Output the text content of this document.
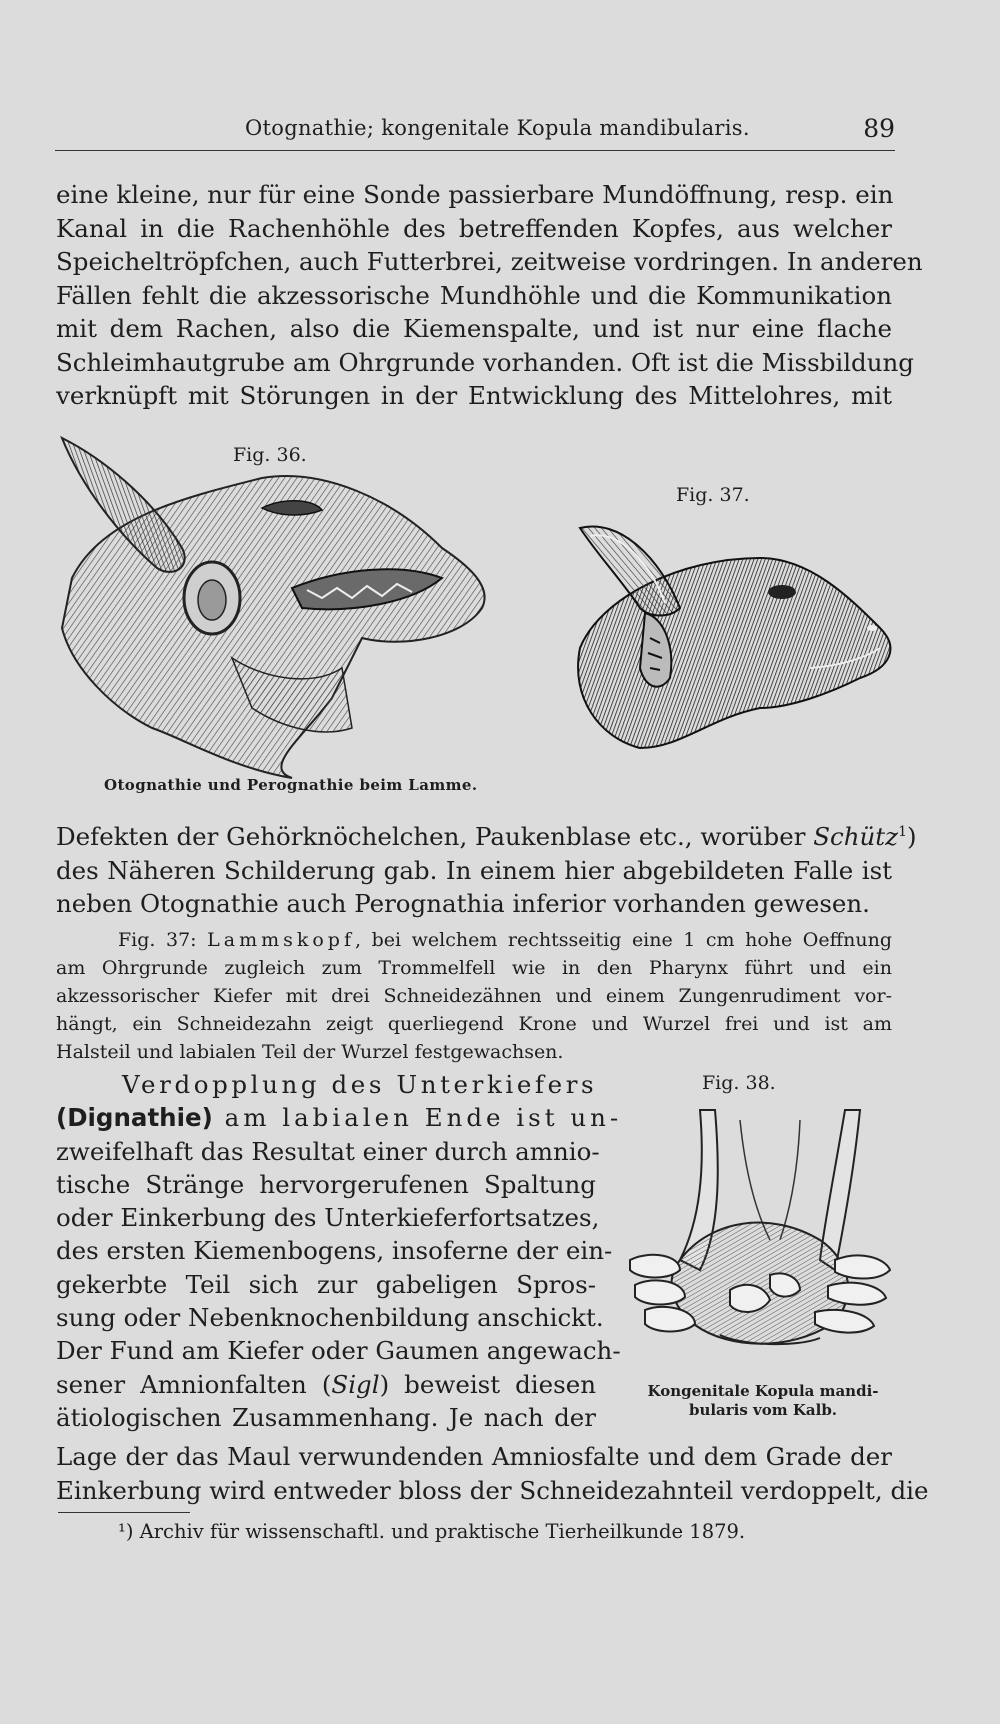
Otognathie; kongenitale Kopula mandibularis.	89
eine kleine, nur für eine Sonde passierbare Mundöffnung, resp. ein
Kanal in die Rachenhöhle des betreffenden Kopfes, aus welcher
Speicheltröpfchen, auch Futterbrei, zeitweise vordringen. In anderen
Fällen fehlt die akzessorische Mundhöhle und die Kommunikation
mit dem Rachen, also die Kiemenspalte, und ist nur eine flache
Schleimhautgrube am Ohrgrunde vorhanden. Oft ist die Missbildung
verknüpft mit Störungen in der Entwicklung des Mittelohres, mit
Fig. 36.
Fig. 37.
Otognathie und Perognathie beim Lamme.
Defekten der Gehörknöchelchen, Paukenblase etc., worüber Schütz$^1$)
des Näheren Schilderung gab. In einem hier abgebildeten Falle ist
neben Otognathie auch Perognathia inferior vorhanden gewesen.
Fig. 37: Lammskopf, bei welchem rechtsseitig eine 1 cm hohe Oeffnung
am Ohrgrunde zugleich zum Trommelfell wie in den Pharynx führt und ein
akzessorischer Kiefer mit drei Schneidezähnen und einem Zungenrudiment vor-
hängt, ein Schneidezahn zeigt querliegend Krone und Wurzel frei und ist am
Halsteil und labialen Teil der Wurzel festgewachsen.
Verdopplung des Unterkiefers
(Dignathie) am labialen Ende ist un-
zweifelhaft das Resultat einer durch amnio-
tische Stränge hervorgerufenen Spaltung
oder Einkerbung des Unterkieferfortsatzes,
des ersten Kiemenbogens, insoferne der ein-
gekerbte Teil sich zur gabeligen Spros-
sung oder Nebenknochenbildung anschickt.
Der Fund am Kiefer oder Gaumen angewach-
sener Amnionfalten (Sigl) beweist diesen
ätiologischen Zusammenhang. Je nach der
Fig. 38.
Kongenitale Kopula mandi-
bularis vom Kalb.
Lage der das Maul verwundenden Amniosfalte und dem Grade der
Einkerbung wird entweder bloss der Schneidezahnteil verdoppelt, die
¹) Archiv für wissenschaftl. und praktische Tierheilkunde 1879.
